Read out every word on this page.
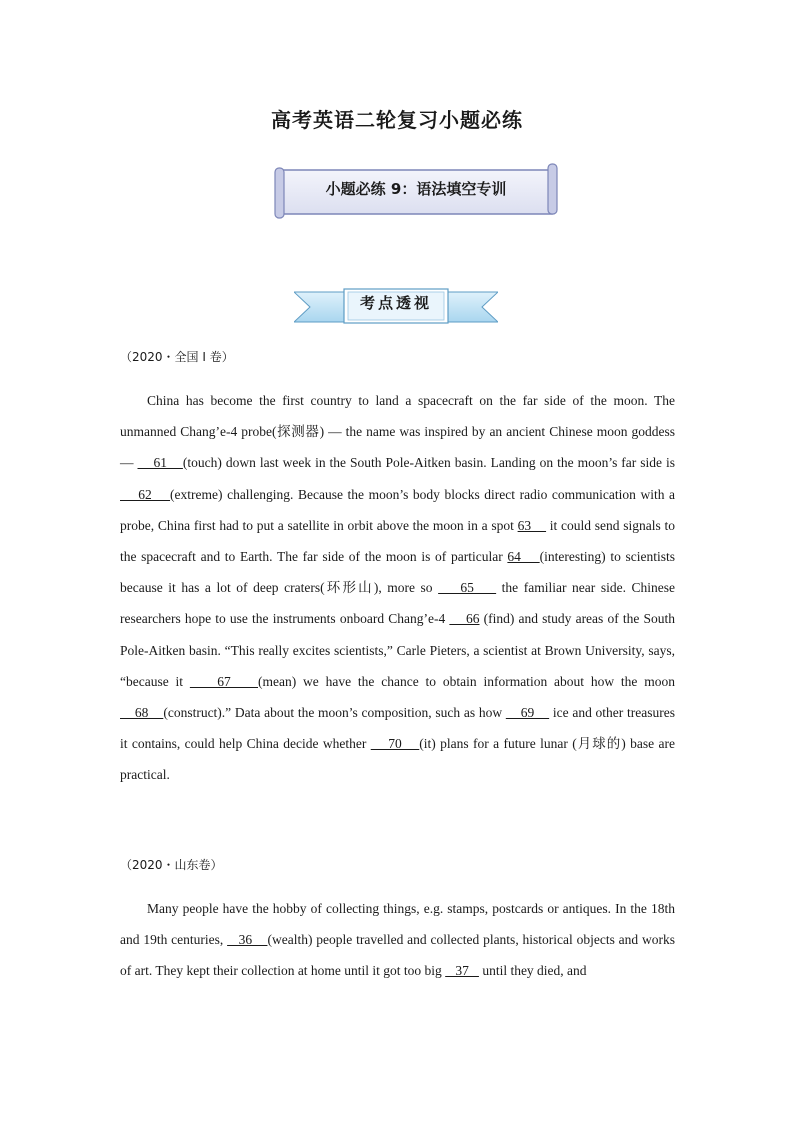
高考英语二轮复习小题必练
小题必练 9：语法填空专训
考点透视
（2020・全国 I 卷）

China has become the first country to land a spacecraft on the far side of the moon. The unmanned Chang’e-4 probe(探测器) — the name was inspired by an ancient Chinese moon goddess —     61    (touch) down last week in the South Pole-Aitken basin. Landing on the moon’s far side is     62    (extreme) challenging. Because the moon’s body blocks direct radio communication with a probe, China first had to put a satellite in orbit above the moon in a spot 63     it could send signals to the spacecraft and to Earth. The far side of the moon is of particular 64    (interesting) to scientists because it has a lot of deep craters(环形山), more so     65     the familiar near side. Chinese researchers hope to use the instruments onboard Chang’e-4     66 (find) and study areas of the South Pole-Aitken basin. “This really excites scientists,” Carle Pieters, a scientist at Brown University, says, “because it     67    (mean) we have the chance to obtain information about how the moon     68    (construct).” Data about the moon’s composition, such as how     69     ice and other treasures it contains, could help China decide whether     70    (it) plans for a future lunar (月球的) base are practical.

（2020・山东卷）

Many people have the hobby of collecting things, e.g. stamps, postcards or antiques. In the 18th and 19th centuries,    36    (wealth) people travelled and collected plants, historical objects and works of art. They kept their collection at home until it got too big    37    until they died, and
